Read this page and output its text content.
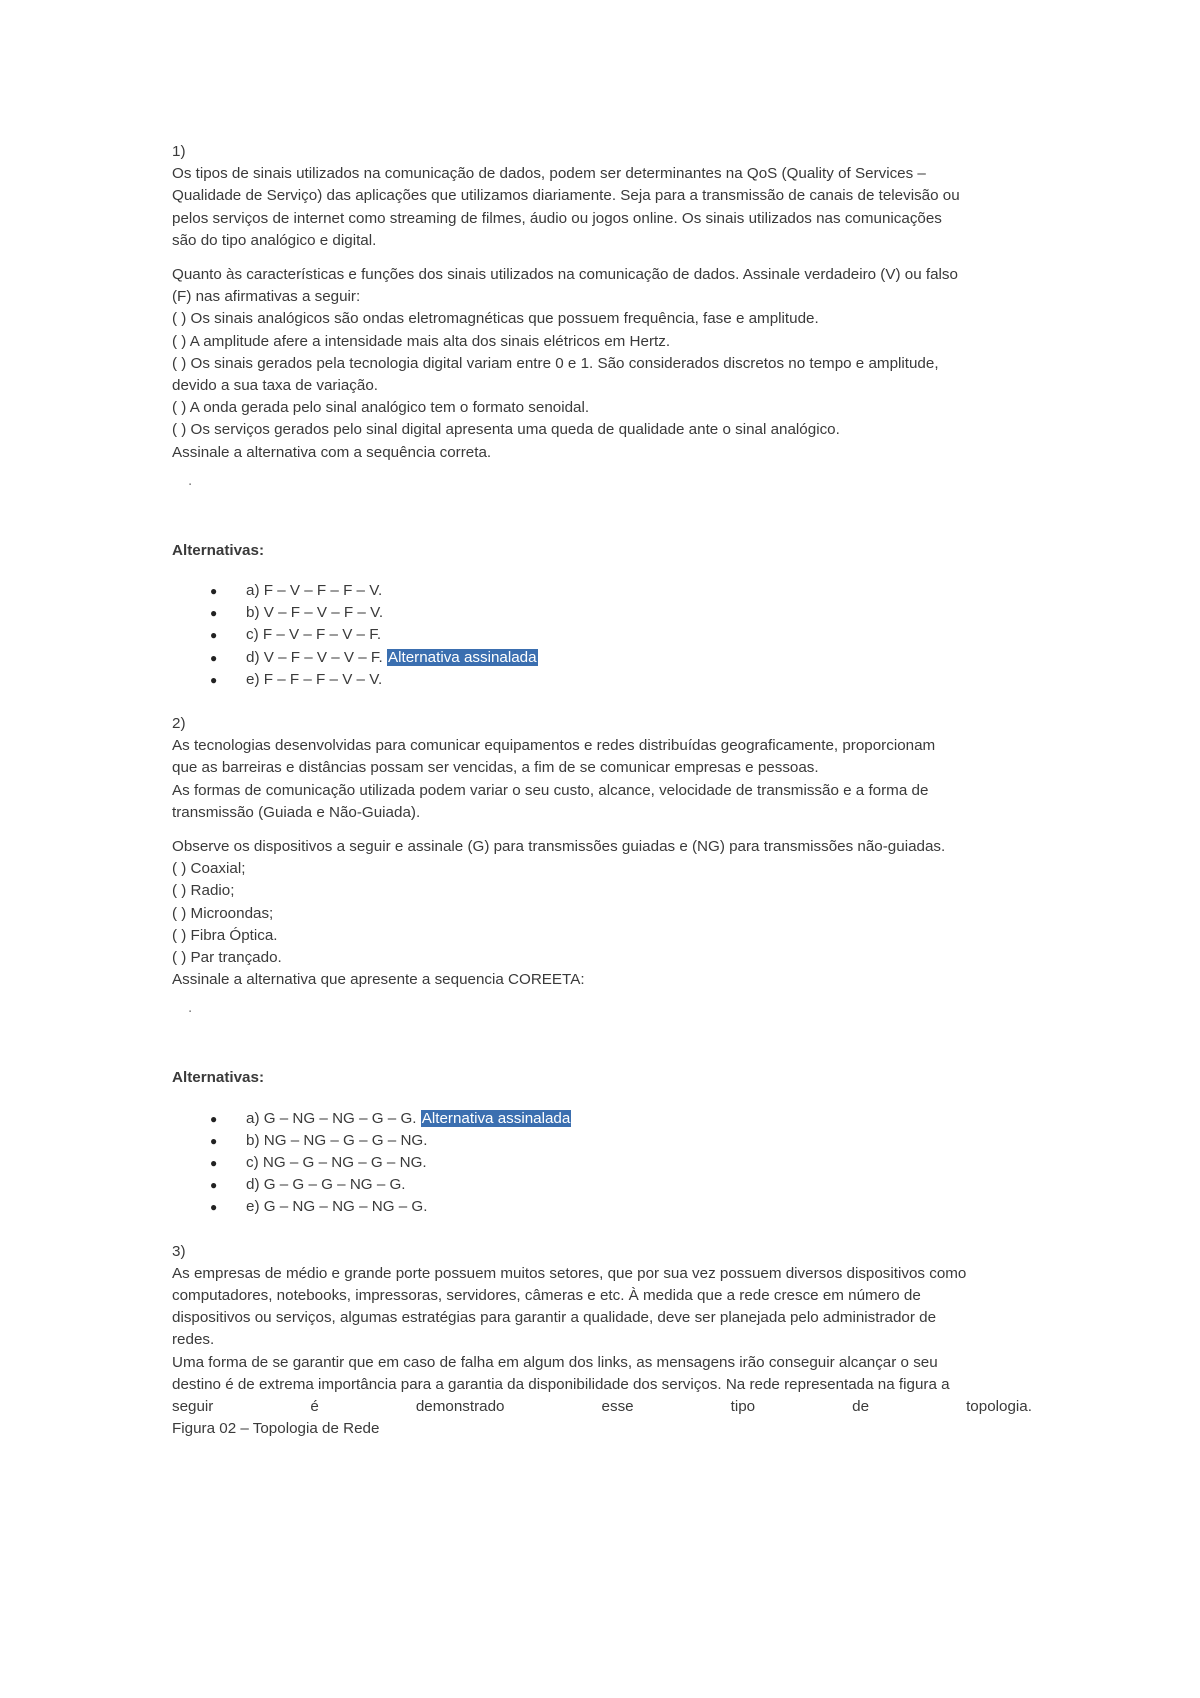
1)
Os tipos de sinais utilizados na comunicação de dados, podem ser determinantes na QoS (Quality of Services –
Qualidade de Serviço) das aplicações que utilizamos diariamente. Seja para a transmissão de canais de televisão ou
pelos serviços de internet como streaming de filmes, áudio ou jogos online. Os sinais utilizados nas comunicações
são do tipo analógico e digital.
Quanto às características e funções dos sinais utilizados na comunicação de dados. Assinale verdadeiro (V) ou falso
(F) nas afirmativas a seguir:
( ) Os sinais analógicos são ondas eletromagnéticas que possuem frequência, fase e amplitude.
( ) A amplitude afere a intensidade mais alta dos sinais elétricos em Hertz.
( ) Os sinais gerados pela tecnologia digital variam entre 0 e 1. São considerados discretos no tempo e amplitude,
devido a sua taxa de variação.
( ) A onda gerada pelo sinal analógico tem o formato senoidal.
( ) Os serviços gerados pelo sinal digital apresenta uma queda de qualidade ante o sinal analógico.
Assinale a alternativa com a sequência correta.
.
Alternativas:
● a) F – V – F – F – V.
● b) V – F – V – F – V.
● c) F – V – F – V – F.
● d) V – F – V – V – F. Alternativa assinalada
● e) F – F – F – V – V.
2)
As tecnologias desenvolvidas para comunicar equipamentos e redes distribuídas geograficamente, proporcionam
que as barreiras e distâncias possam ser vencidas, a fim de se comunicar empresas e pessoas.
As formas de comunicação utilizada podem variar o seu custo, alcance, velocidade de transmissão e a forma de
transmissão (Guiada e Não-Guiada).
Observe os dispositivos a seguir e assinale (G) para transmissões guiadas e (NG) para transmissões não-guiadas.
( ) Coaxial;
( ) Radio;
( ) Microondas;
( ) Fibra Óptica.
( ) Par trançado.
Assinale a alternativa que apresente a sequencia COREETA:
.
Alternativas:
● a) G – NG – NG – G – G. Alternativa assinalada
● b) NG – NG – G – G – NG.
● c) NG – G – NG – G – NG.
● d) G – G – G – NG – G.
● e) G – NG – NG – NG – G.
3)
As empresas de médio e grande porte possuem muitos setores, que por sua vez possuem diversos dispositivos como
computadores, notebooks, impressoras, servidores, câmeras e etc. À medida que a rede cresce em número de
dispositivos ou serviços, algumas estratégias para garantir a qualidade, deve ser planejada pelo administrador de
redes.
Uma forma de se garantir que em caso de falha em algum dos links, as mensagens irão conseguir alcançar o seu
destino é de extrema importância para a garantia da disponibilidade dos serviços. Na rede representada na figura a
seguir	é	demonstrado	esse	tipo	de	topologia.
Figura 02 – Topologia de Rede
